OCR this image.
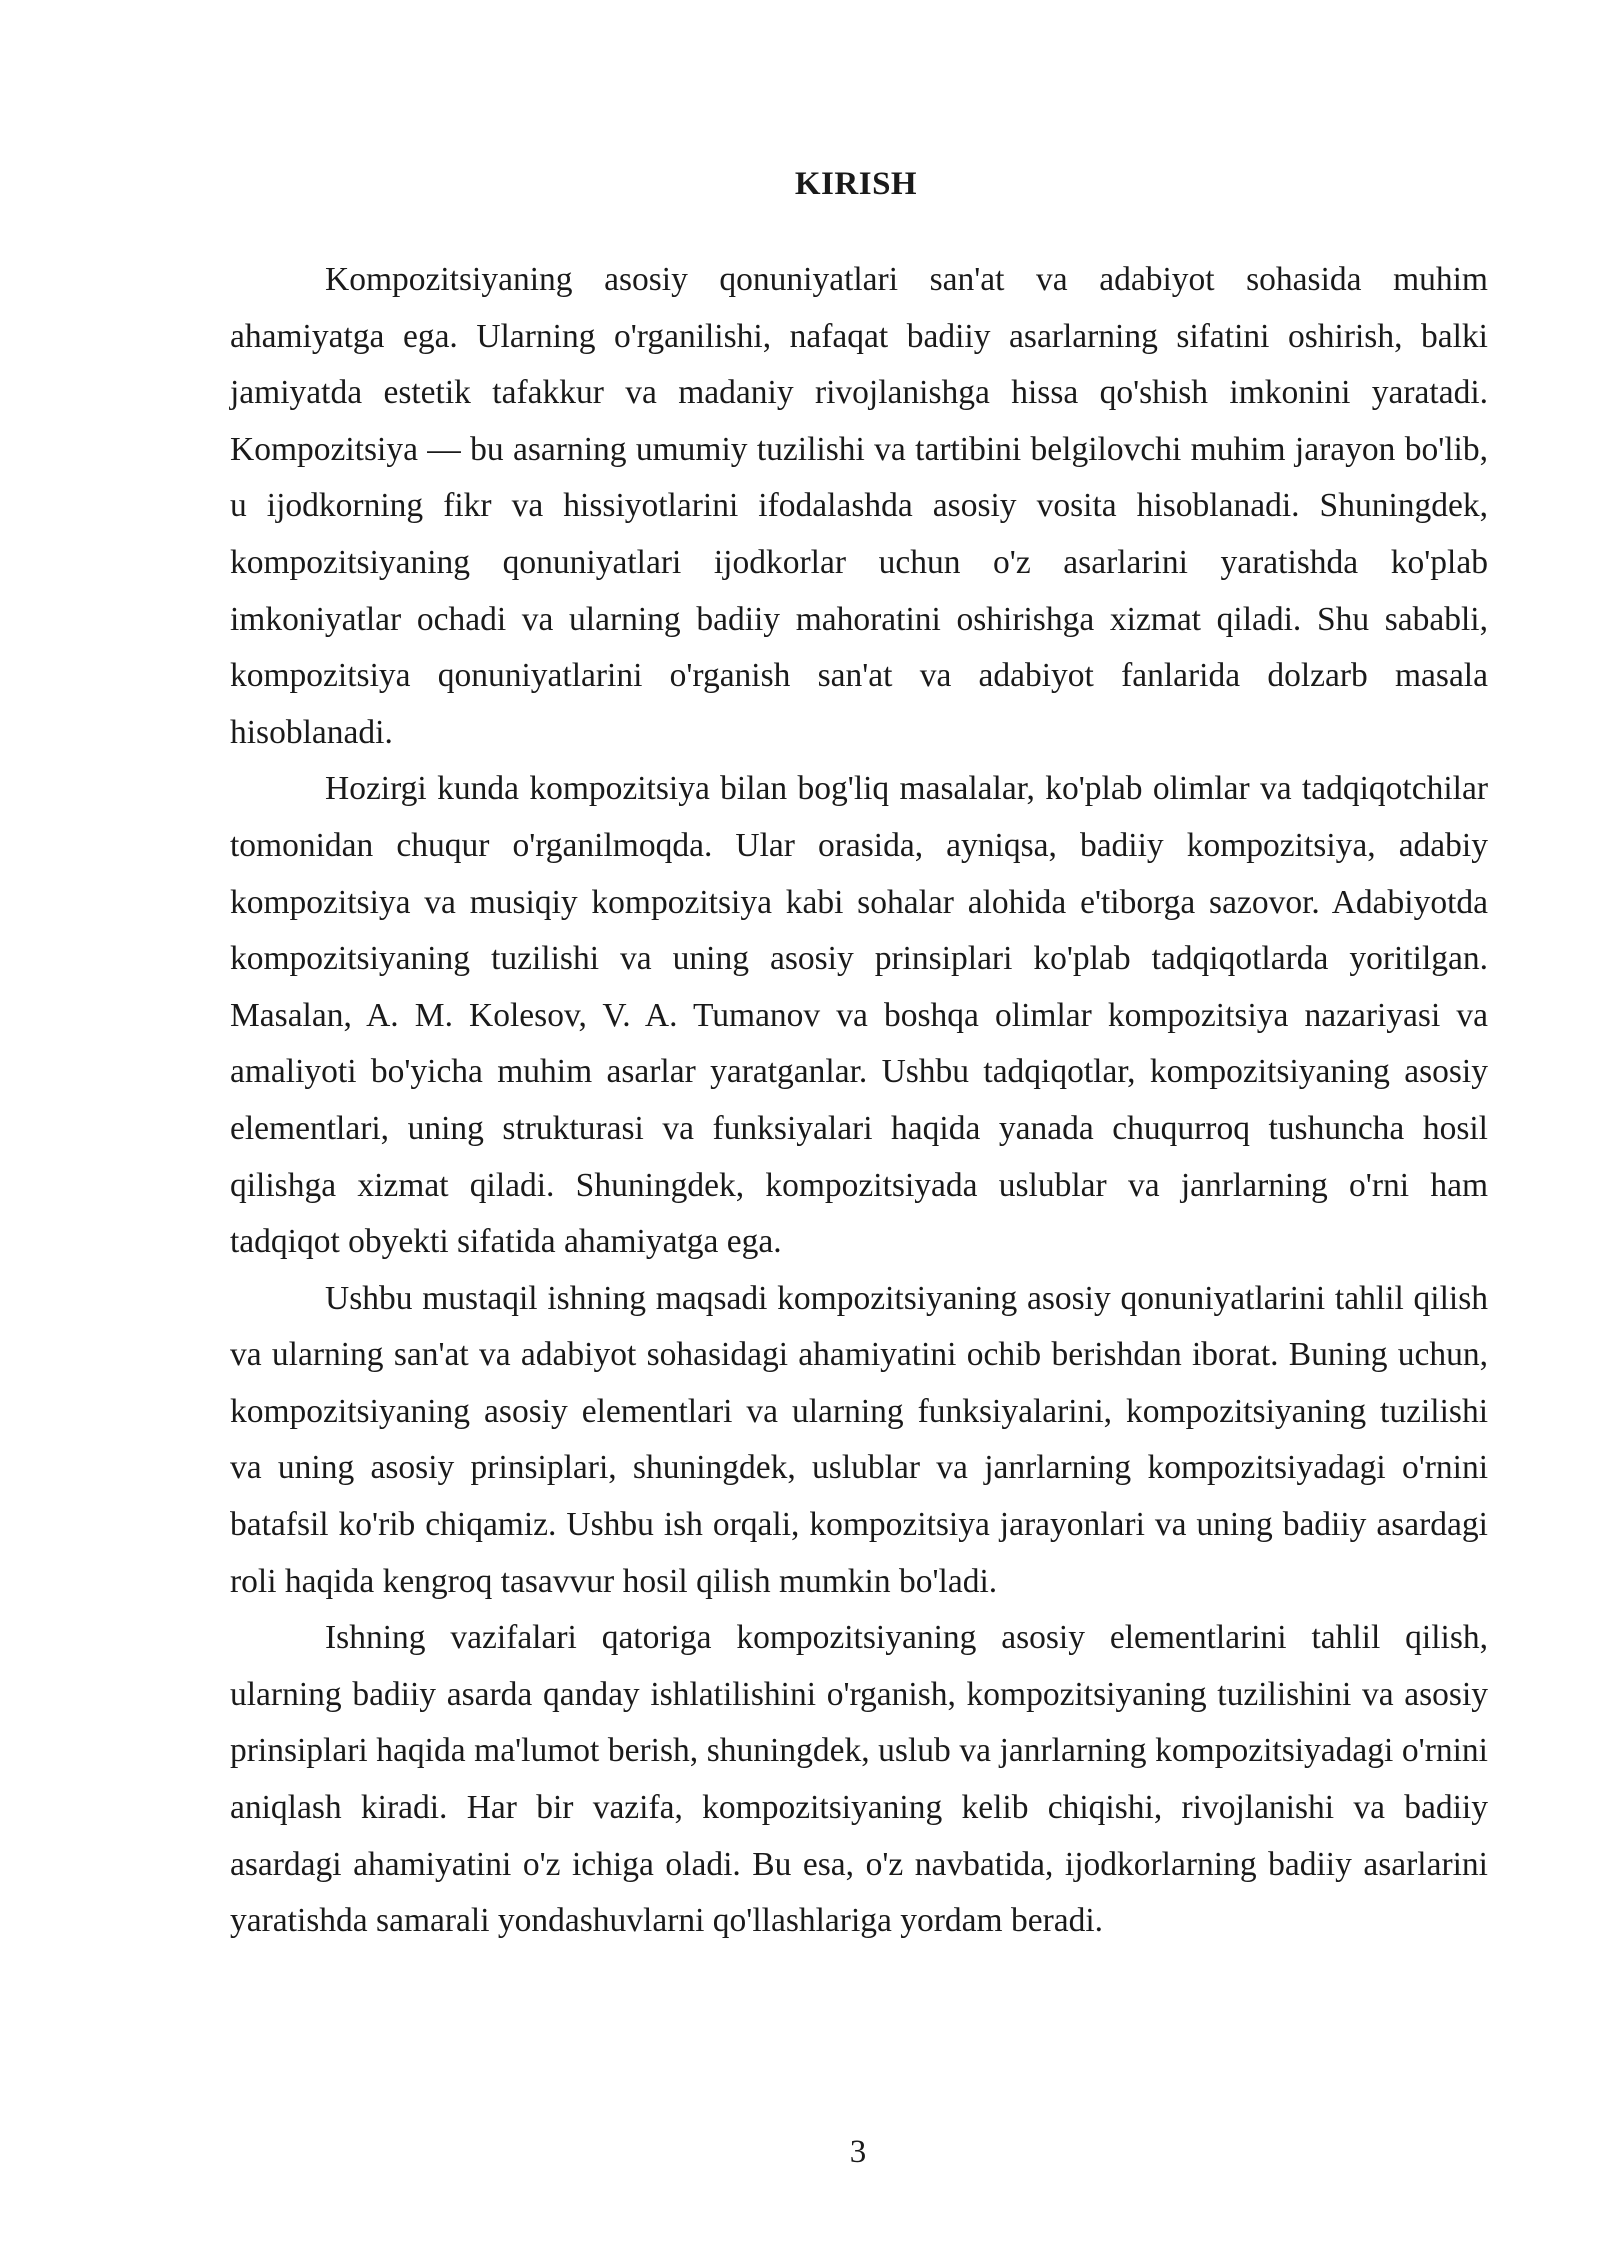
KIRISH

Kompozitsiyaning asosiy qonuniyatlari san'at va adabiyot sohasida muhim ahamiyatga ega. Ularning o'rganilishi, nafaqat badiiy asarlarning sifatini oshirish, balki jamiyatda estetik tafakkur va madaniy rivojlanishga hissa qo'shish imkonini yaratadi. Kompozitsiya — bu asarning umumiy tuzilishi va tartibini belgilovchi muhim jarayon bo'lib, u ijodkorning fikr va hissiyotlarini ifodalashda asosiy vosita hisoblanadi. Shuningdek, kompozitsiyaning qonuniyatlari ijodkorlar uchun o'z asarlarini yaratishda ko'plab imkoniyatlar ochadi va ularning badiiy mahoratini oshirishga xizmat qiladi. Shu sababli, kompozitsiya qonuniyatlarini o'rganish san'at va adabiyot fanlarida dolzarb masala hisoblanadi.

Hozirgi kunda kompozitsiya bilan bog'liq masalalar, ko'plab olimlar va tadqiqotchilar tomonidan chuqur o'rganilmoqda. Ular orasida, ayniqsa, badiiy kompozitsiya, adabiy kompozitsiya va musiqiy kompozitsiya kabi sohalar alohida e'tiborga sazovor. Adabiyotda kompozitsiyaning tuzilishi va uning asosiy prinsiplari ko'plab tadqiqotlarda yoritilgan. Masalan, A. M. Kolesov, V. A. Tumanov va boshqa olimlar kompozitsiya nazariyasi va amaliyoti bo'yicha muhim asarlar yaratganlar. Ushbu tadqiqotlar, kompozitsiyaning asosiy elementlari, uning strukturasi va funksiyalari haqida yanada chuqurroq tushuncha hosil qilishga xizmat qiladi. Shuningdek, kompozitsiyada uslublar va janrlarning o'rni ham tadqiqot obyekti sifatida ahamiyatga ega.

Ushbu mustaqil ishning maqsadi kompozitsiyaning asosiy qonuniyatlarini tahlil qilish va ularning san'at va adabiyot sohasidagi ahamiyatini ochib berishdan iborat. Buning uchun, kompozitsiyaning asosiy elementlari va ularning funksiyalarini, kompozitsiyaning tuzilishi va uning asosiy prinsiplari, shuningdek, uslublar va janrlarning kompozitsiyadagi o'rnini batafsil ko'rib chiqamiz. Ushbu ish orqali, kompozitsiya jarayonlari va uning badiiy asardagi roli haqida kengroq tasavvur hosil qilish mumkin bo'ladi.

Ishning vazifalari qatoriga kompozitsiyaning asosiy elementlarini tahlil qilish, ularning badiiy asarda qanday ishlatilishini o'rganish, kompozitsiyaning tuzilishini va asosiy prinsiplari haqida ma'lumot berish, shuningdek, uslub va janrlarning kompozitsiyadagi o'rnini aniqlash kiradi. Har bir vazifa, kompozitsiyaning kelib chiqishi, rivojlanishi va badiiy asardagi ahamiyatini o'z ichiga oladi. Bu esa, o'z navbatida, ijodkorlarning badiiy asarlarini yaratishda samarali yondashuvlarni qo'llashlariga yordam beradi.

3
